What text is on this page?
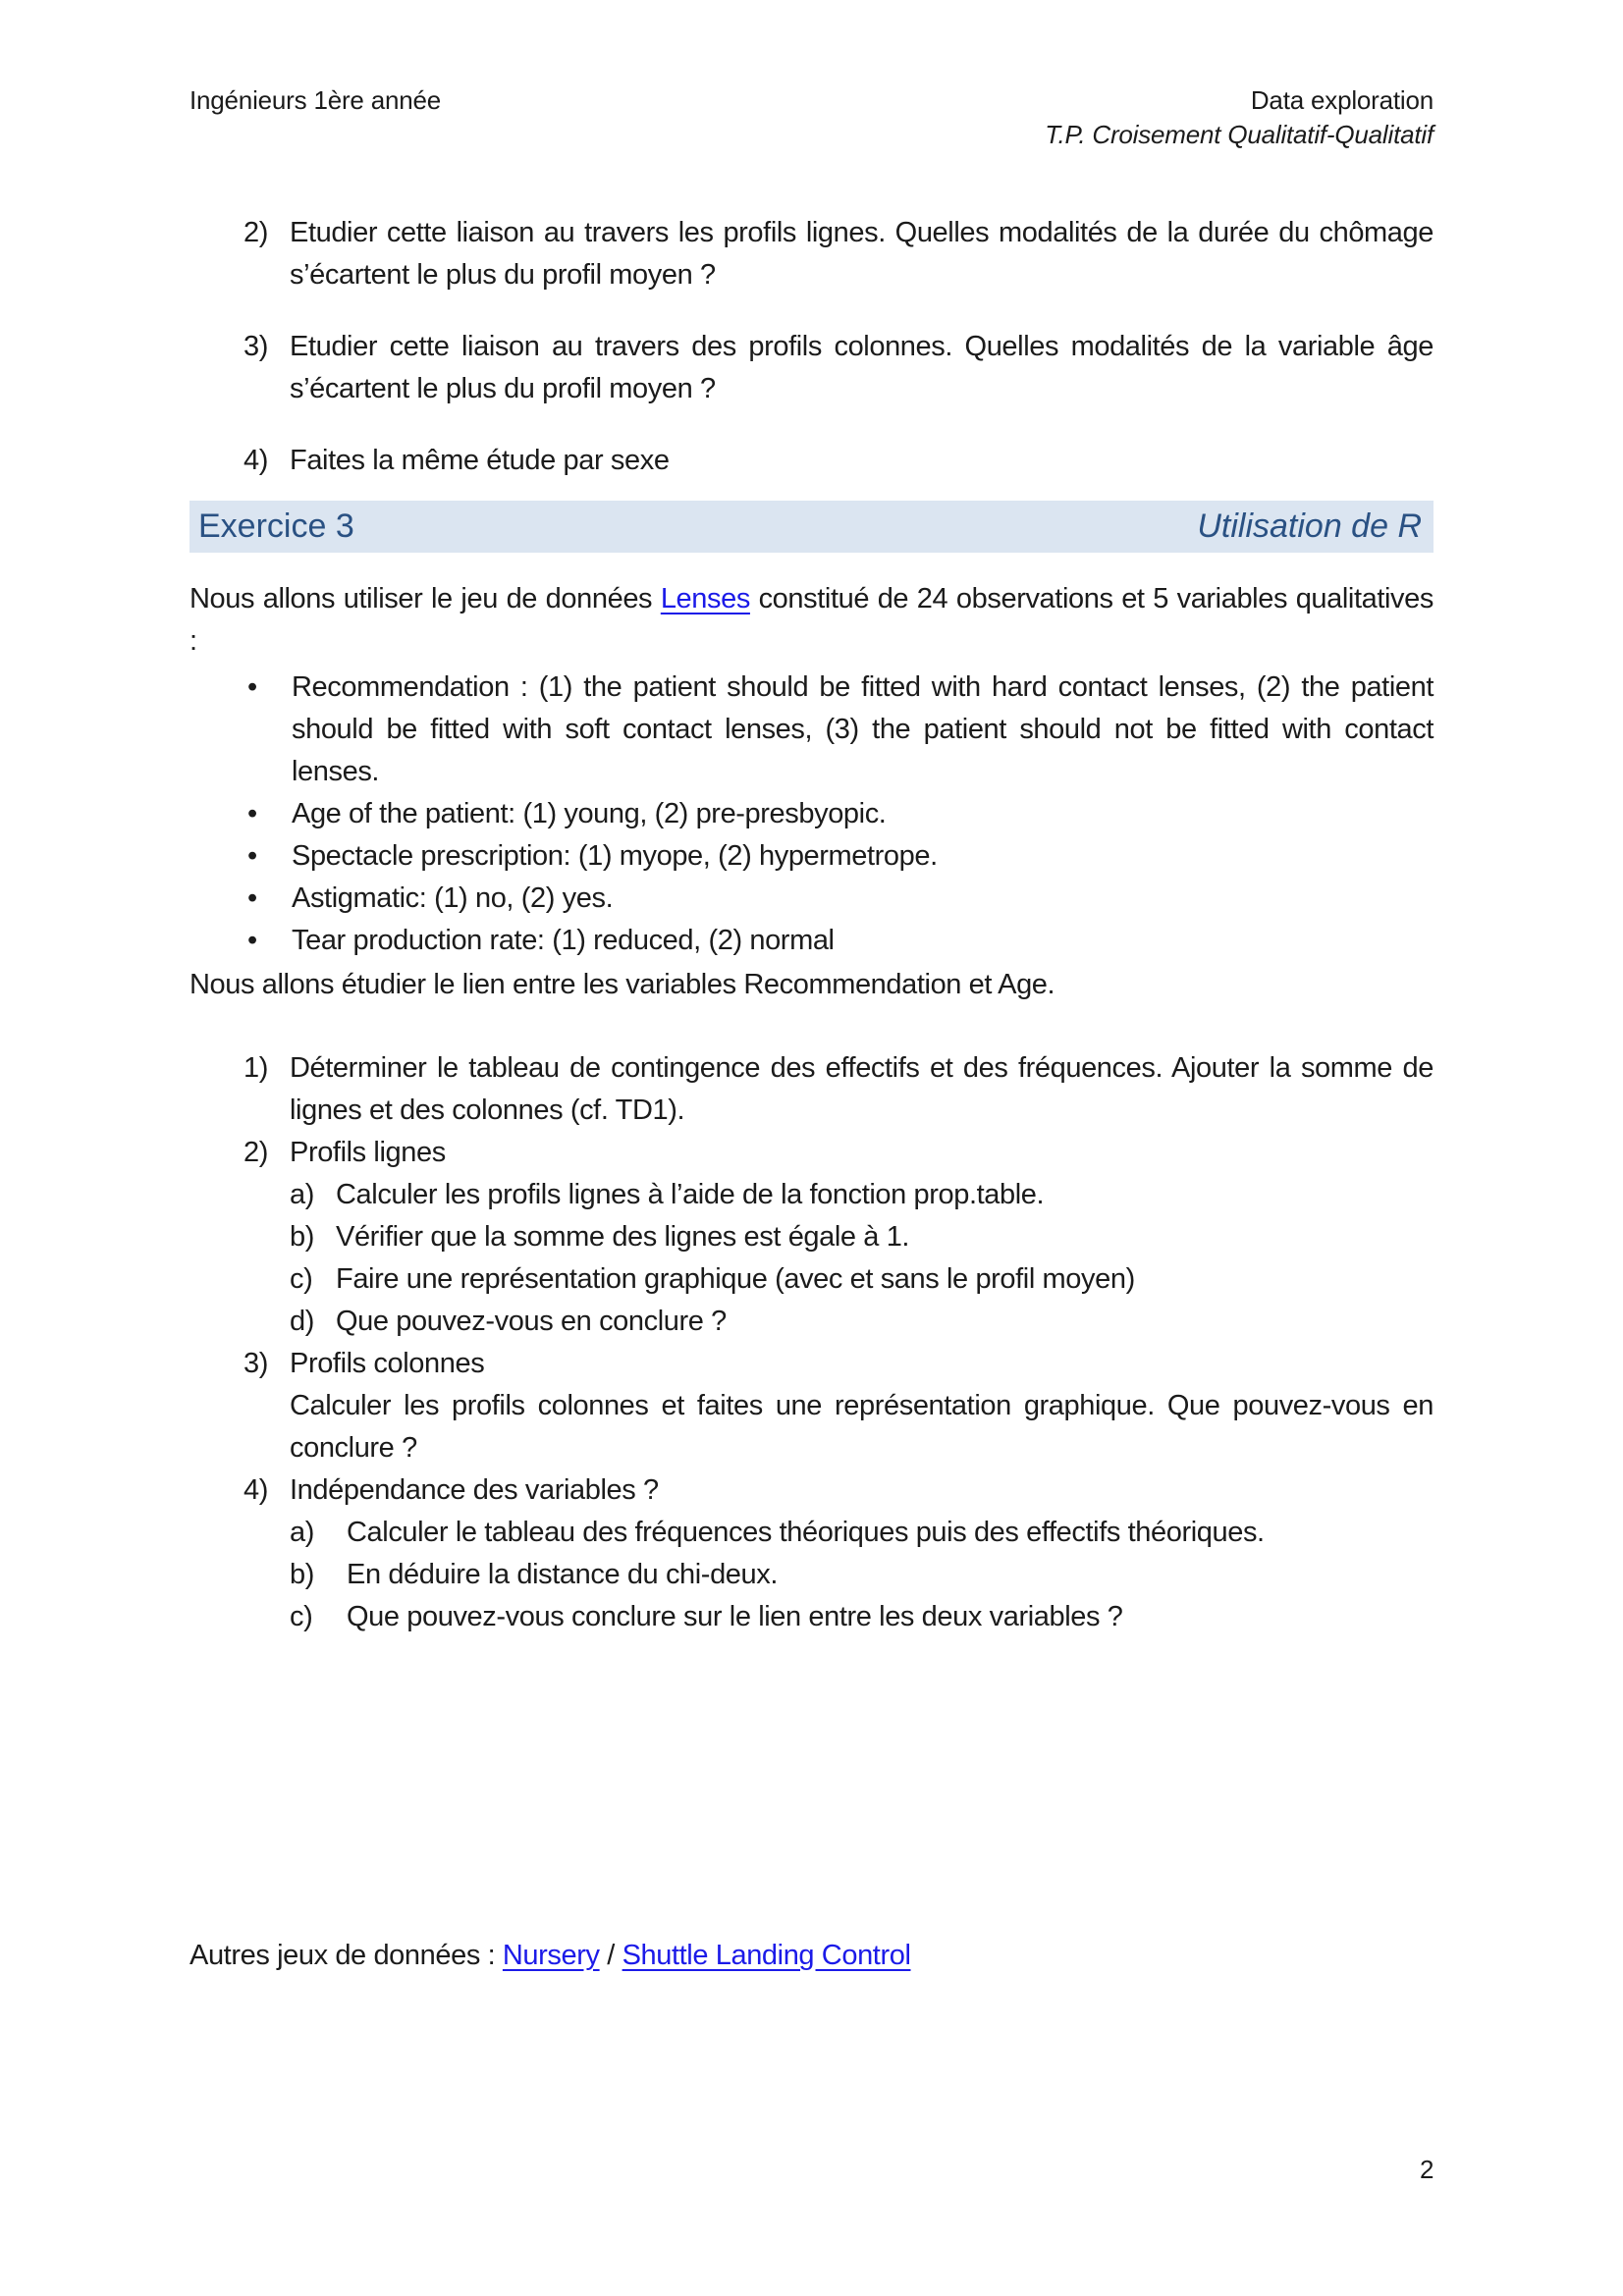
Ingénieurs 1ère année	Data exploration
T.P. Croisement Qualitatif-Qualitatif
2) Etudier cette liaison au travers les profils lignes. Quelles modalités de la durée du chômage s’écartent le plus du profil moyen ?
3) Etudier cette liaison au travers des profils colonnes. Quelles modalités de la variable âge s’écartent le plus du profil moyen ?
4) Faites la même étude par sexe
Exercice 3	Utilisation de R
Nous allons utiliser le jeu de données Lenses constitué de 24 observations et 5 variables qualitatives :
•	Recommendation : (1) the patient should be fitted with hard contact lenses, (2) the patient should be fitted with soft contact lenses, (3) the patient should not be fitted with contact lenses.
•	Age of the patient: (1) young, (2) pre-presbyopic.
•	Spectacle prescription: (1) myope, (2) hypermetrope.
•	Astigmatic: (1) no, (2) yes.
•	Tear production rate: (1) reduced, (2) normal
Nous allons étudier le lien entre les variables Recommendation et Age.
1) Déterminer le tableau de contingence des effectifs et des fréquences. Ajouter la somme de lignes et des colonnes (cf. TD1).
2) Profils lignes
a) Calculer les profils lignes à l’aide de la fonction prop.table.
b) Vérifier que la somme des lignes est égale à 1.
c) Faire une représentation graphique (avec et sans le profil moyen)
d) Que pouvez-vous en conclure ?
3) Profils colonnes
Calculer les profils colonnes et faites une représentation graphique. Que pouvez-vous en conclure ?
4) Indépendance des variables ?
a)	Calculer le tableau des fréquences théoriques puis des effectifs théoriques.
b)	En déduire la distance du chi-deux.
c)	Que pouvez-vous conclure sur le lien entre les deux variables ?
Autres jeux de données : Nursery / Shuttle Landing Control
2
